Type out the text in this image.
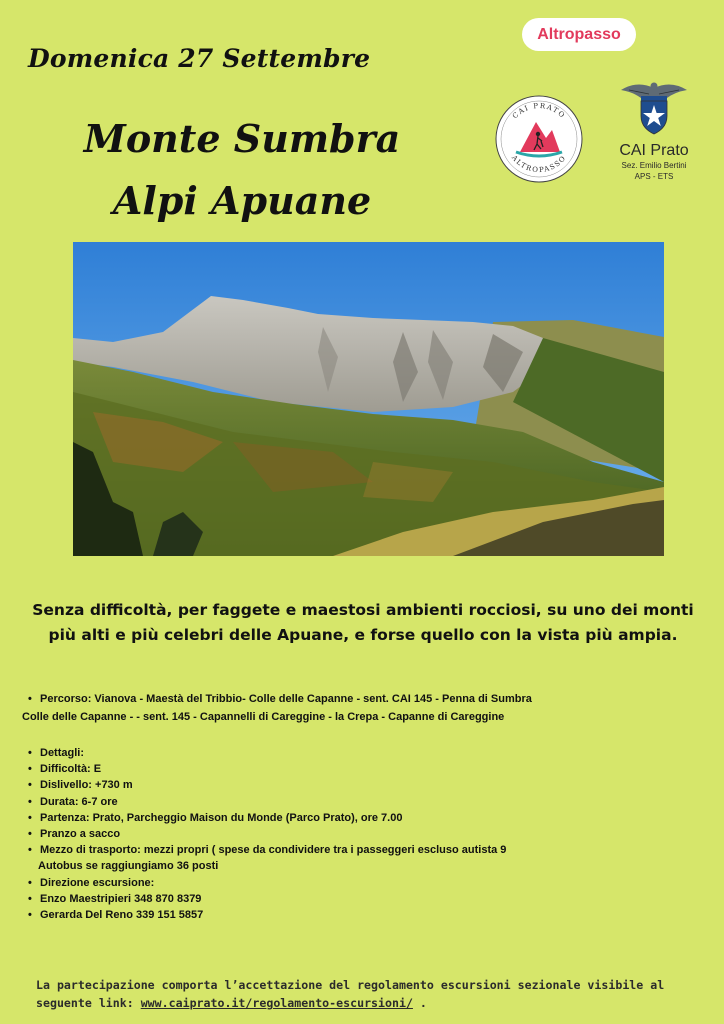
Altropasso
Domenica 27 Settembre
Monte Sumbra
Alpi Apuane
CAI PRATO
ALTROPASSO
CAI Prato
Sez. Emilio Bertini
APS - ETS
Senza difficoltà, per faggete e maestosi ambienti rocciosi, su uno dei monti
più alti e più celebri delle Apuane, e forse quello con la vista più ampia.
• Percorso: Vianova - Maestà del Tribbio- Colle delle Capanne - sent. CAI 145 - Penna di Sumbra
Colle delle Capanne - - sent. 145 - Capannelli di Careggine - la Crepa - Capanne di Careggine
• Dettagli:
• Difficoltà: E
• Dislivello: +730 m
• Durata: 6-7 ore
• Partenza: Prato, Parcheggio Maison du Monde (Parco Prato), ore 7.00
• Pranzo a sacco
• Mezzo di trasporto: mezzi propri ( spese da condividere tra i passeggeri escluso autista 9
Autobus se raggiungiamo 36 posti
• Direzione escursione:
• Enzo Maestripieri 348 870 8379
• Gerarda Del Reno 339 151 5857
La partecipazione comporta l’accettazione del regolamento escursioni sezionale visibile al
seguente link: www.caiprato.it/regolamento-escursioni/ .
